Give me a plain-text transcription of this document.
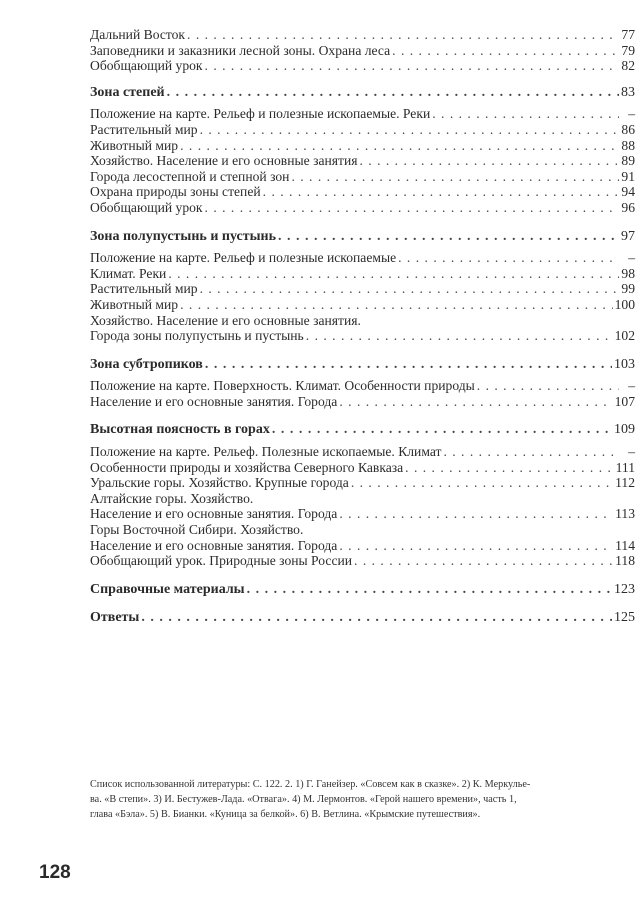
Дальний Восток . . .	77
Заповедники и заказники лесной зоны. Охрана леса . . .	79
Обобщающий урок . . .	82
Зона степей . . .	83
Положение на карте. Рельеф и полезные ископаемые. Реки . . .	–
Растительный мир . . .	86
Животный мир . . .	88
Хозяйство. Население и его основные занятия . . .	89
Города лесостепной и степной зон . . .	91
Охрана природы зоны степей . . .	94
Обобщающий урок . . .	96
Зона полупустынь и пустынь . . .	97
Положение на карте. Рельеф и полезные ископаемые . . .	–
Климат. Реки . . .	98
Растительный мир . . .	99
Животный мир . . .	100
Хозяйство. Население и его основные занятия.
Города зоны полупустынь и пустынь . . .	102
Зона субтропиков . . .	103
Положение на карте. Поверхность. Климат. Особенности природы . . .	–
Население и его основные занятия. Города . . .	107
Высотная поясность в горах . . .	109
Положение на карте. Рельеф. Полезные ископаемые. Климат . . .	–
Особенности природы и хозяйства Северного Кавказа . . .	111
Уральские горы. Хозяйство. Крупные города . . .	112
Алтайские горы. Хозяйство.
Население и его основные занятия. Города . . .	113
Горы Восточной Сибири. Хозяйство.
Население и его основные занятия. Города . . .	114
Обобщающий урок. Природные зоны России . . .	118
Справочные материалы . . .	123
Ответы . . .	125
Список использованной литературы: С. 122. 2. 1) Г. Ганейзер. «Совсем как в сказке». 2) К. Меркулье-
ва. «В степи». 3) И. Бестужев-Лада. «Отвага». 4) М. Лермонтов. «Герой нашего времени», часть 1,
глава «Бэла». 5) В. Бианки. «Куница за белкой». 6) В. Ветлина. «Крымские путешествия».
128
